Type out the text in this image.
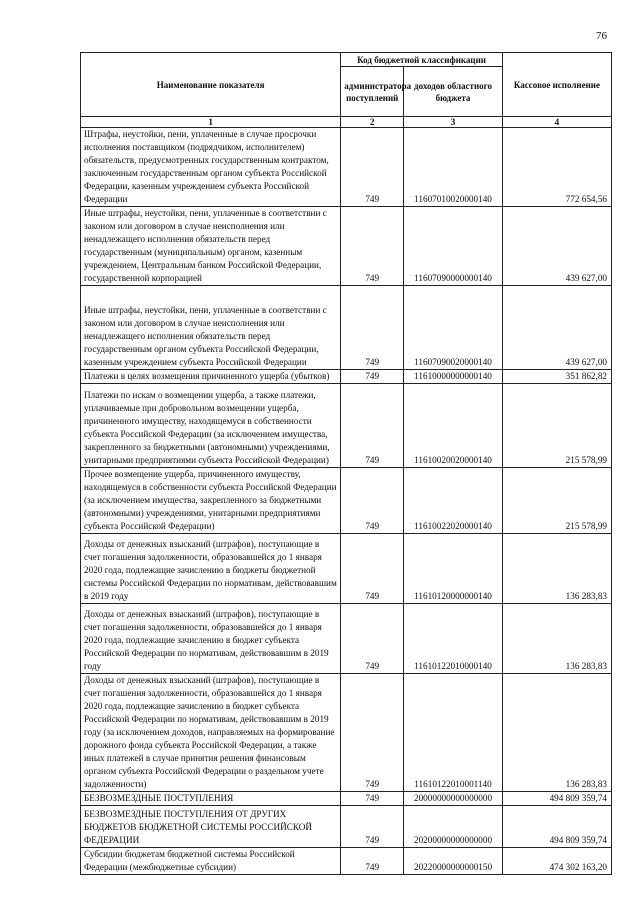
76
Наименование показателя	Код бюджетной классификации		Кассовое исполнение
	администратора поступлений	доходов областного бюджета	
1	2	3	4
Штрафы, неустойки, пени, уплаченные в случае просрочки исполнения поставщиком (подрядчиком, исполнителем) обязательств, предусмотренных государственным контрактом, заключенным государственным органом субъекта Российской Федерации, казенным учреждением субъекта Российской Федерации	749	11607010020000140	772 654,56
Иные штрафы, неустойки, пени, уплаченные в соответствии с законом или договором в случае неисполнения или ненадлежащего исполнения обязательств перед государственным (муниципальным) органом, казенным учреждением, Центральным банком Российской Федерации, государственной корпорацией	749	11607090000000140	439 627,00
Иные штрафы, неустойки, пени, уплаченные в соответствии с законом или договором в случае неисполнения или ненадлежащего исполнения обязательств перед государственным органом субъекта Российской Федерации, казенным учреждением субъекта Российской Федерации	749	11607090020000140	439 627,00
Платежи в целях возмещения причиненного ущерба (убытков)	749	11610000000000140	351 862,82
Платежи по искам о возмещении ущерба, а также платежи, уплачиваемые при добровольном возмещении ущерба, причиненного имуществу, находящемуся в собственности субъекта Российской Федерации (за исключением имущества, закрепленного за бюджетными (автономными) учреждениями, унитарными предприятиями субъекта Российской Федерации)	749	11610020020000140	215 578,99
Прочее возмещение ущерба, причиненного имуществу, находящемуся в собственности субъекта Российской Федерации (за исключением имущества, закрепленного за бюджетными (автономными) учреждениями, унитарными предприятиями субъекта Российской Федерации)	749	11610022020000140	215 578,99
Доходы от денежных взысканий (штрафов), поступающие в счет погашения задолженности, образовавшейся до 1 января 2020 года, подлежащие зачислению в бюджеты бюджетной системы Российской Федерации по нормативам, действовавшим в 2019 году	749	11610120000000140	136 283,83
Доходы от денежных взысканий (штрафов), поступающие в счет погашения задолженности, образовавшейся до 1 января 2020 года, подлежащие зачислению в бюджет субъекта Российской Федерации по нормативам, действовавшим в 2019 году	749	11610122010000140	136 283,83
Доходы от денежных взысканий (штрафов), поступающие в счет погашения задолженности, образовавшейся до 1 января 2020 года, подлежащие зачислению в бюджет субъекта Российской Федерации по нормативам, действовавшим в 2019 году (за исключением доходов, направляемых на формирование дорожного фонда субъекта Российской Федерации, а также иных платежей в случае принятия решения финансовым органом субъекта Российской Федерации о раздельном учете задолженности)	749	11610122010001140	136 283,83
БЕЗВОЗМЕЗДНЫЕ ПОСТУПЛЕНИЯ	749	20000000000000000	494 809 359,74
БЕЗВОЗМЕЗДНЫЕ ПОСТУПЛЕНИЯ ОТ ДРУГИХ БЮДЖЕТОВ БЮДЖЕТНОЙ СИСТЕМЫ РОССИЙСКОЙ ФЕДЕРАЦИИ	749	20200000000000000	494 809 359,74
Субсидии бюджетам бюджетной системы Российской Федерации (межбюджетные субсидии)	749	20220000000000150	474 302 163,20
